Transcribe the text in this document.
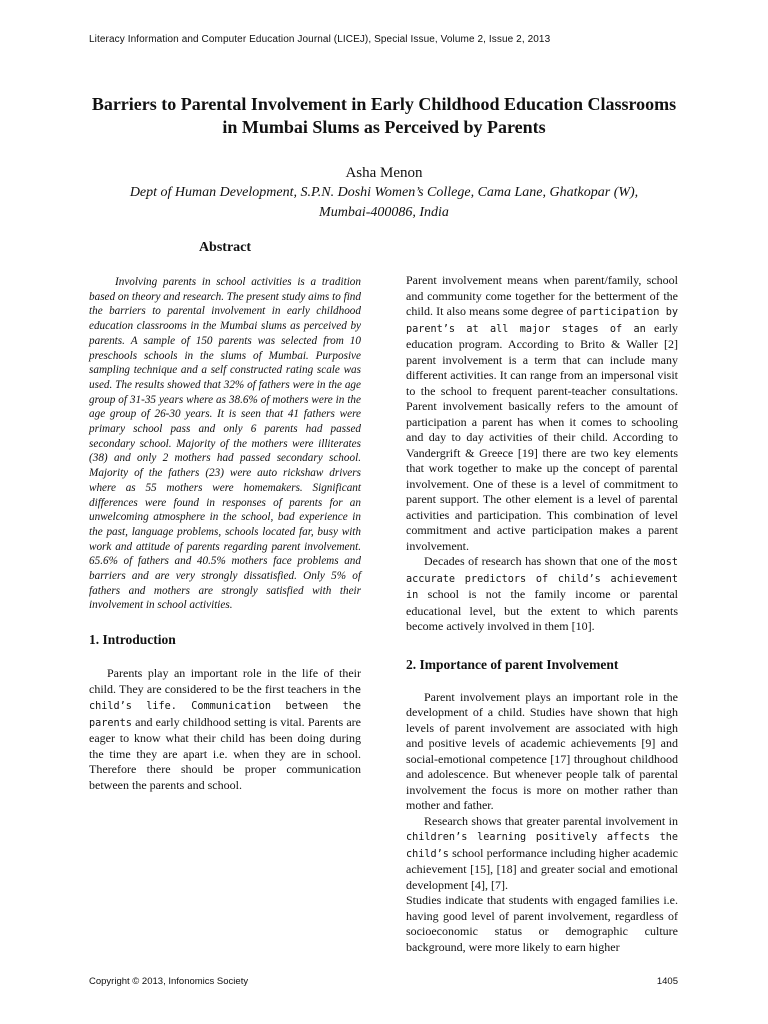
Literacy Information and Computer Education Journal (LICEJ), Special Issue, Volume 2, Issue 2, 2013
Barriers to Parental Involvement in Early Childhood Education Classrooms
in Mumbai Slums as Perceived by Parents
Asha Menon
Dept of Human Development, S.P.N. Doshi Women’s College, Cama Lane, Ghatkopar (W),
Mumbai-400086, India
Abstract

Involving parents in school activities is a tradition based on theory and research. The present study aims to find the barriers to parental involvement in early childhood education classrooms in the Mumbai slums as perceived by parents. A sample of 150 parents was selected from 10 preschools schools in the slums of Mumbai. Purposive sampling technique and a self constructed rating scale was used. The results showed that 32% of fathers were in the age group of 31-35 years where as 38.6% of mothers were in the age group of 26-30 years. It is seen that 41 fathers were primary school pass and only 6 parents had passed secondary school. Majority of the mothers were illiterates (38) and only 2 mothers had passed secondary school. Majority of the fathers (23) were auto rickshaw drivers where as 55 mothers were homemakers. Significant differences were found in responses of parents for an unwelcoming atmosphere in the school, bad experience in the past, language problems, schools located far, busy with work and attitude of parents regarding parent involvement. 65.6% of fathers and 40.5% mothers face problems and barriers and are very strongly dissatisfied. Only 5% of fathers and mothers are strongly satisfied with their involvement in school activities.

1. Introduction

Parents play an important role in the life of their child. They are considered to be the first teachers in the child’s life. Communication between the parents and early childhood setting is vital. Parents are eager to know what their child has been doing during the time they are apart i.e. when they are in school. Therefore there should be proper communication between the parents and school.

Parent involvement means when parent/family, school and community come together for the betterment of the child. It also means some degree of participation by parent’s at all major stages of an early education program. According to Brito & Waller [2] parent involvement is a term that can include many different activities. It can range from an impersonal visit to the school to frequent parent-teacher consultations. Parent involvement basically refers to the amount of participation a parent has when it comes to schooling and day to day activities of their child. According to Vandergrift & Greece [19] there are two key elements that work together to make up the concept of parental involvement. One of these is a level of commitment to parent support. The other element is a level of parental activities and participation. This combination of level commitment and active participation makes a parent involvement.

Decades of research has shown that one of the most accurate predictors of child’s achievement in school is not the family income or parental educational level, but the extent to which parents become actively involved in them [10].

2. Importance of parent Involvement

Parent involvement plays an important role in the development of a child. Studies have shown that high levels of parent involvement are associated with high and positive levels of academic achievements [9] and social-emotional competence [17] throughout childhood and adolescence. But whenever people talk of parental involvement the focus is more on mother rather than mother and father.

Research shows that greater parental involvement in children’s learning positively affects the child’s school performance including higher academic achievement [15], [18] and greater social and emotional development [4], [7].

Studies indicate that students with engaged families i.e. having good level of parent involvement, regardless of socioeconomic status or demographic culture background, were more likely to earn higher

Copyright © 2013, Infonomics Society	1405
